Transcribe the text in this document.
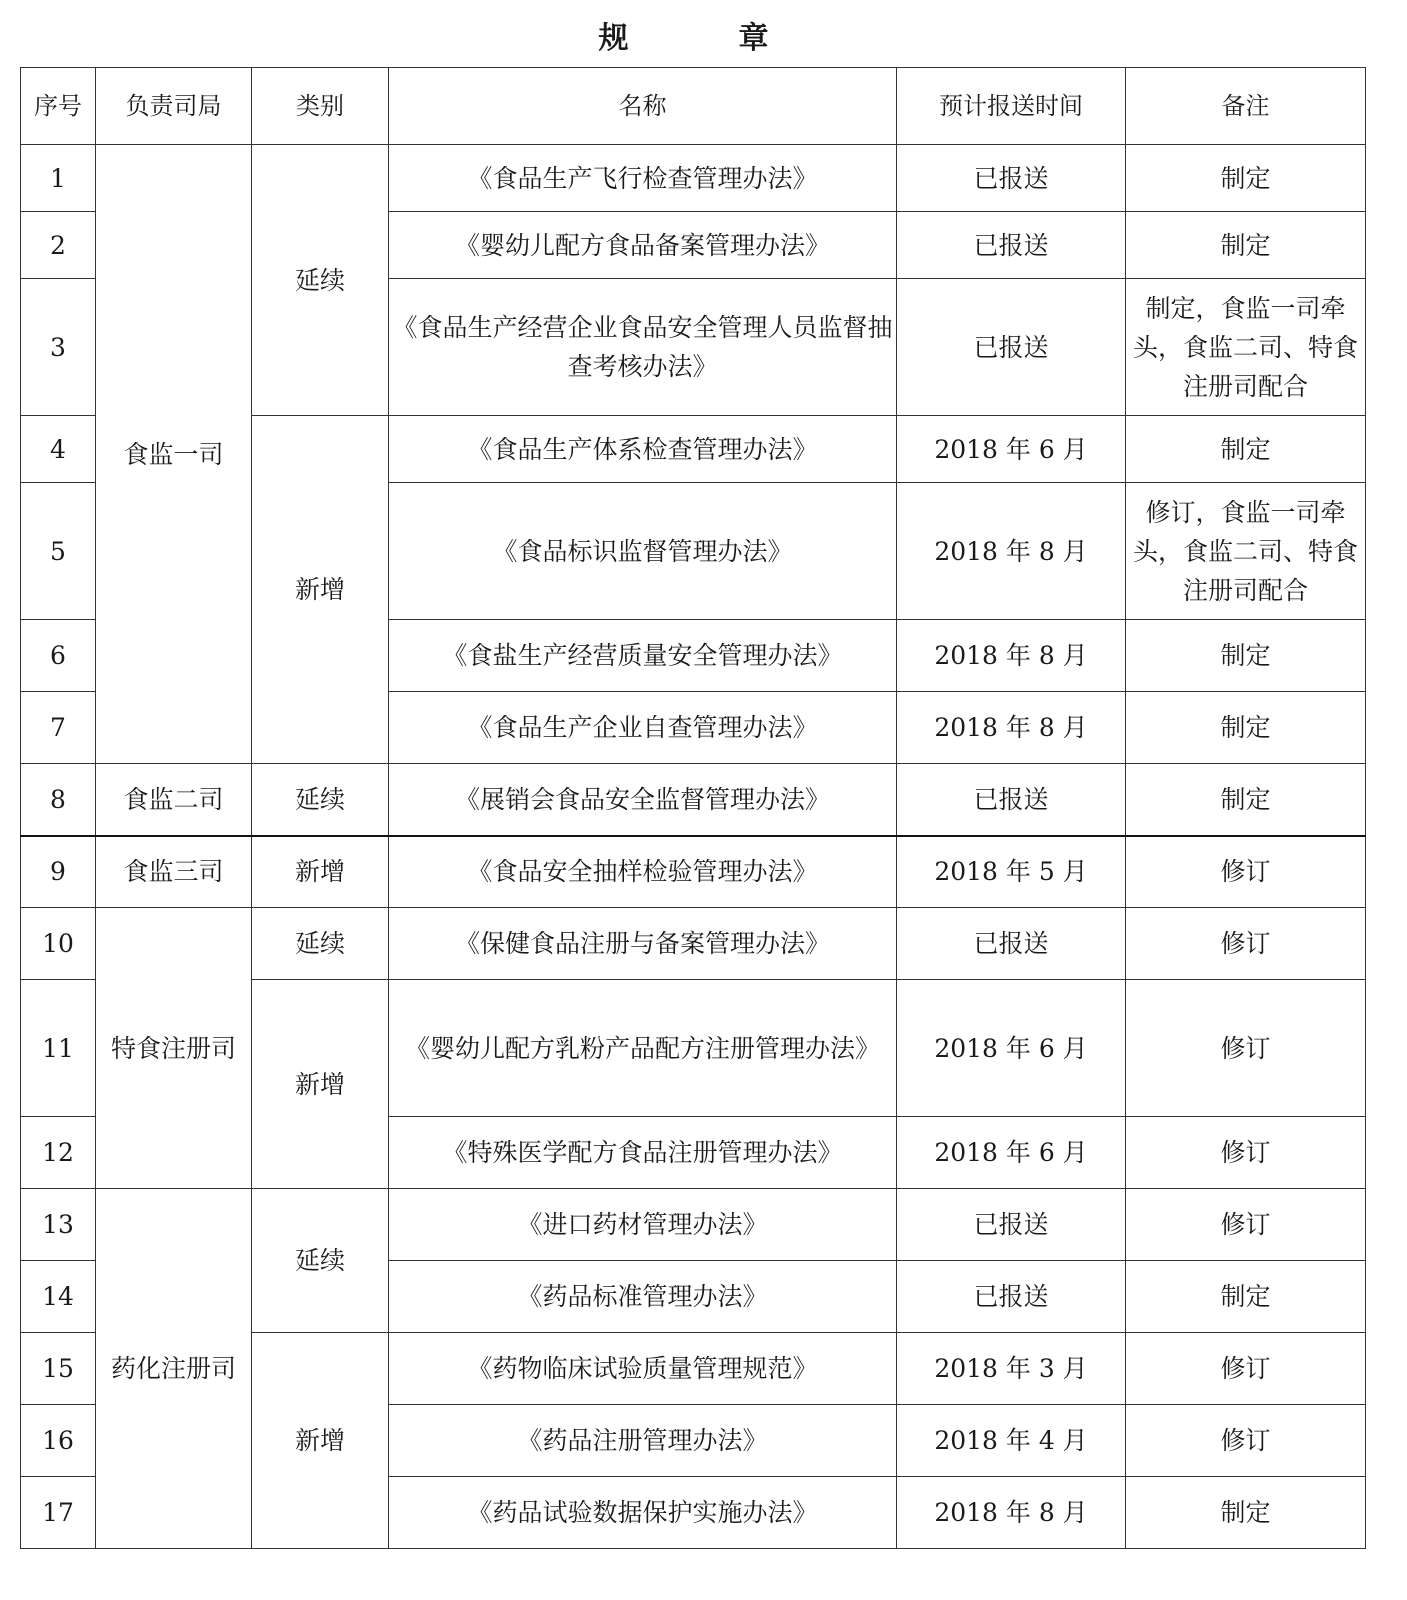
规　章
序号	负责司局	类别	名称	预计报送时间	备注
1	食监一司	延续	《食品生产飞行检查管理办法》	已报送	制定
2			《婴幼儿配方食品备案管理办法》	已报送	制定
3			《食品生产经营企业食品安全管理人员监督抽查考核办法》	已报送	制定，食监一司牵头，食监二司、特食注册司配合
4		新增	《食品生产体系检查管理办法》	2018 年 6 月	制定
5			《食品标识监督管理办法》	2018 年 8 月	修订，食监一司牵头，食监二司、特食注册司配合
6			《食盐生产经营质量安全管理办法》	2018 年 8 月	制定
7			《食品生产企业自查管理办法》	2018 年 8 月	制定
8	食监二司	延续	《展销会食品安全监督管理办法》	已报送	制定
9	食监三司	新增	《食品安全抽样检验管理办法》	2018 年 5 月	修订
10	特食注册司	延续	《保健食品注册与备案管理办法》	已报送	修订
11		新增	《婴幼儿配方乳粉产品配方注册管理办法》	2018 年 6 月	修订
12			《特殊医学配方食品注册管理办法》	2018 年 6 月	修订
13	药化注册司	延续	《进口药材管理办法》	已报送	修订
14			《药品标准管理办法》	已报送	制定
15		新增	《药物临床试验质量管理规范》	2018 年 3 月	修订
16			《药品注册管理办法》	2018 年 4 月	修订
17			《药品试验数据保护实施办法》	2018 年 8 月	制定
